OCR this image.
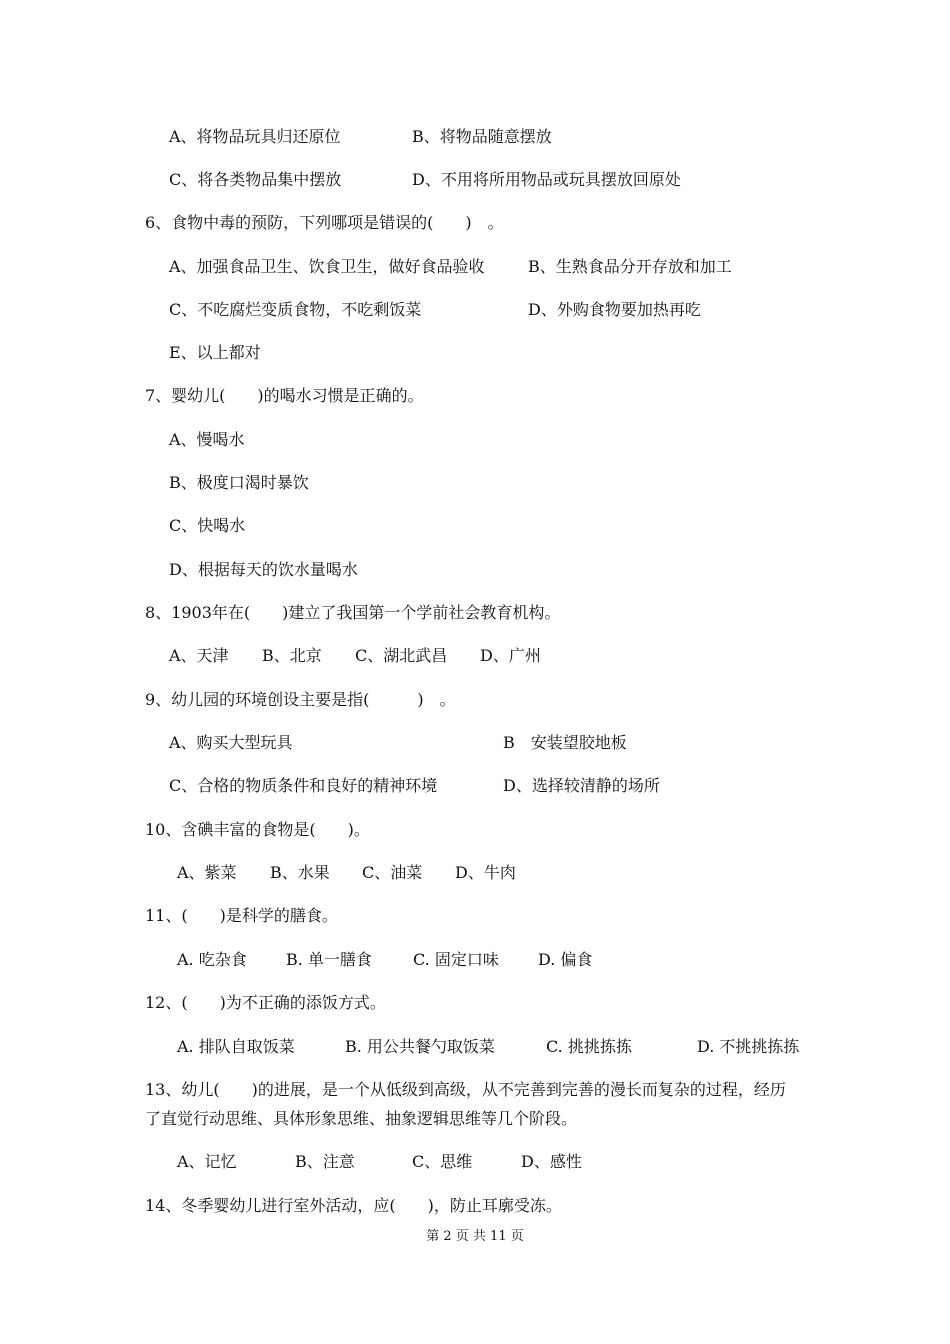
A、将物品玩具归还原位	B、将物品随意摆放
C、将各类物品集中摆放	D、不用将所用物品或玩具摆放回原处
6、食物中毒的预防，下列哪项是错误的(　　)　。
A、加强食品卫生、饮食卫生，做好食品验收	B、生熟食品分开存放和加工
C、不吃腐烂变质食物，不吃剩饭菜	D、外购食物要加热再吃
E、以上都对
7、婴幼儿(　　)的喝水习惯是正确的。
A、慢喝水
B、极度口渴时暴饮
C、快喝水
D、根据每天的饮水量喝水
8、1903年在(　　)建立了我国第一个学前社会教育机构。
A、天津 B、北京 C、湖北武昌 D、广州
9、幼儿园的环境创设主要是指(　　　)　。
A、购买大型玩具	B　安装望胶地板
C、合格的物质条件和良好的精神环境	D、选择较清静的场所
10、含碘丰富的食物是(　　)。
A、紫菜 B、水果 C、油菜 D、牛肉
11、(　　)是科学的膳食。
A. 吃杂食 B. 单一膳食	C. 固定口味 D. 偏食
12、(　　)为不正确的添饭方式。
A. 排队自取饭菜	B. 用公共餐勺取饭菜	C. 挑挑拣拣	D. 不挑挑拣拣
13、幼儿(　　)的进展，是一个从低级到高级，从不完善到完善的漫长而复杂的过程，经历
了直觉行动思维、具体形象思维、抽象逻辑思维等几个阶段。
A、记忆	B、注意	C、思维	D、感性
14、冬季婴幼儿进行室外活动，应(　　)，防止耳廓受冻。
第 2 页 共 11 页
